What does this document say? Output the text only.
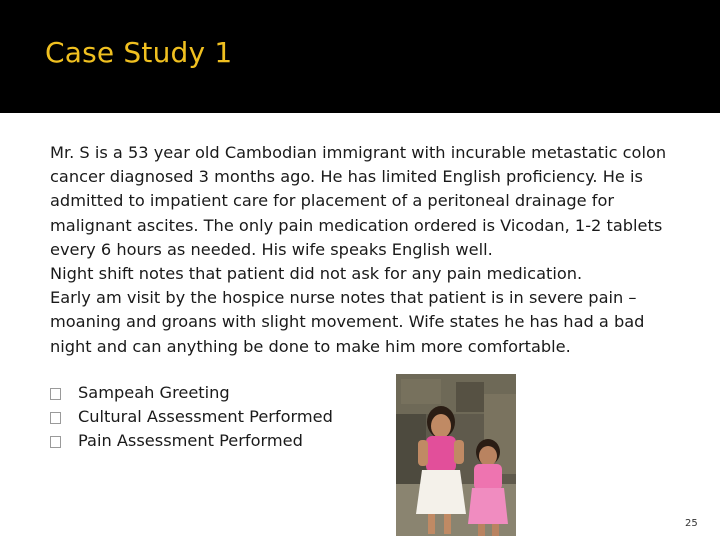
Case Study 1

Mr. S is a 53 year old Cambodian immigrant with incurable metastatic colon cancer diagnosed 3 months ago. He has limited English proficiency. He is admitted to impatient care for placement of a peritoneal drainage for malignant ascites. The only pain medication ordered is Vicodan, 1-2 tablets every 6 hours as needed. His wife speaks English well.

Night shift notes that patient did not ask for any pain medication.

Early am visit by the hospice nurse notes that patient is in severe pain – moaning and groans with slight movement. Wife states he has had a bad night and can anything be done to make him more comfortable.

Sampeah Greeting
Cultural Assessment Performed
Pain Assessment Performed
25
